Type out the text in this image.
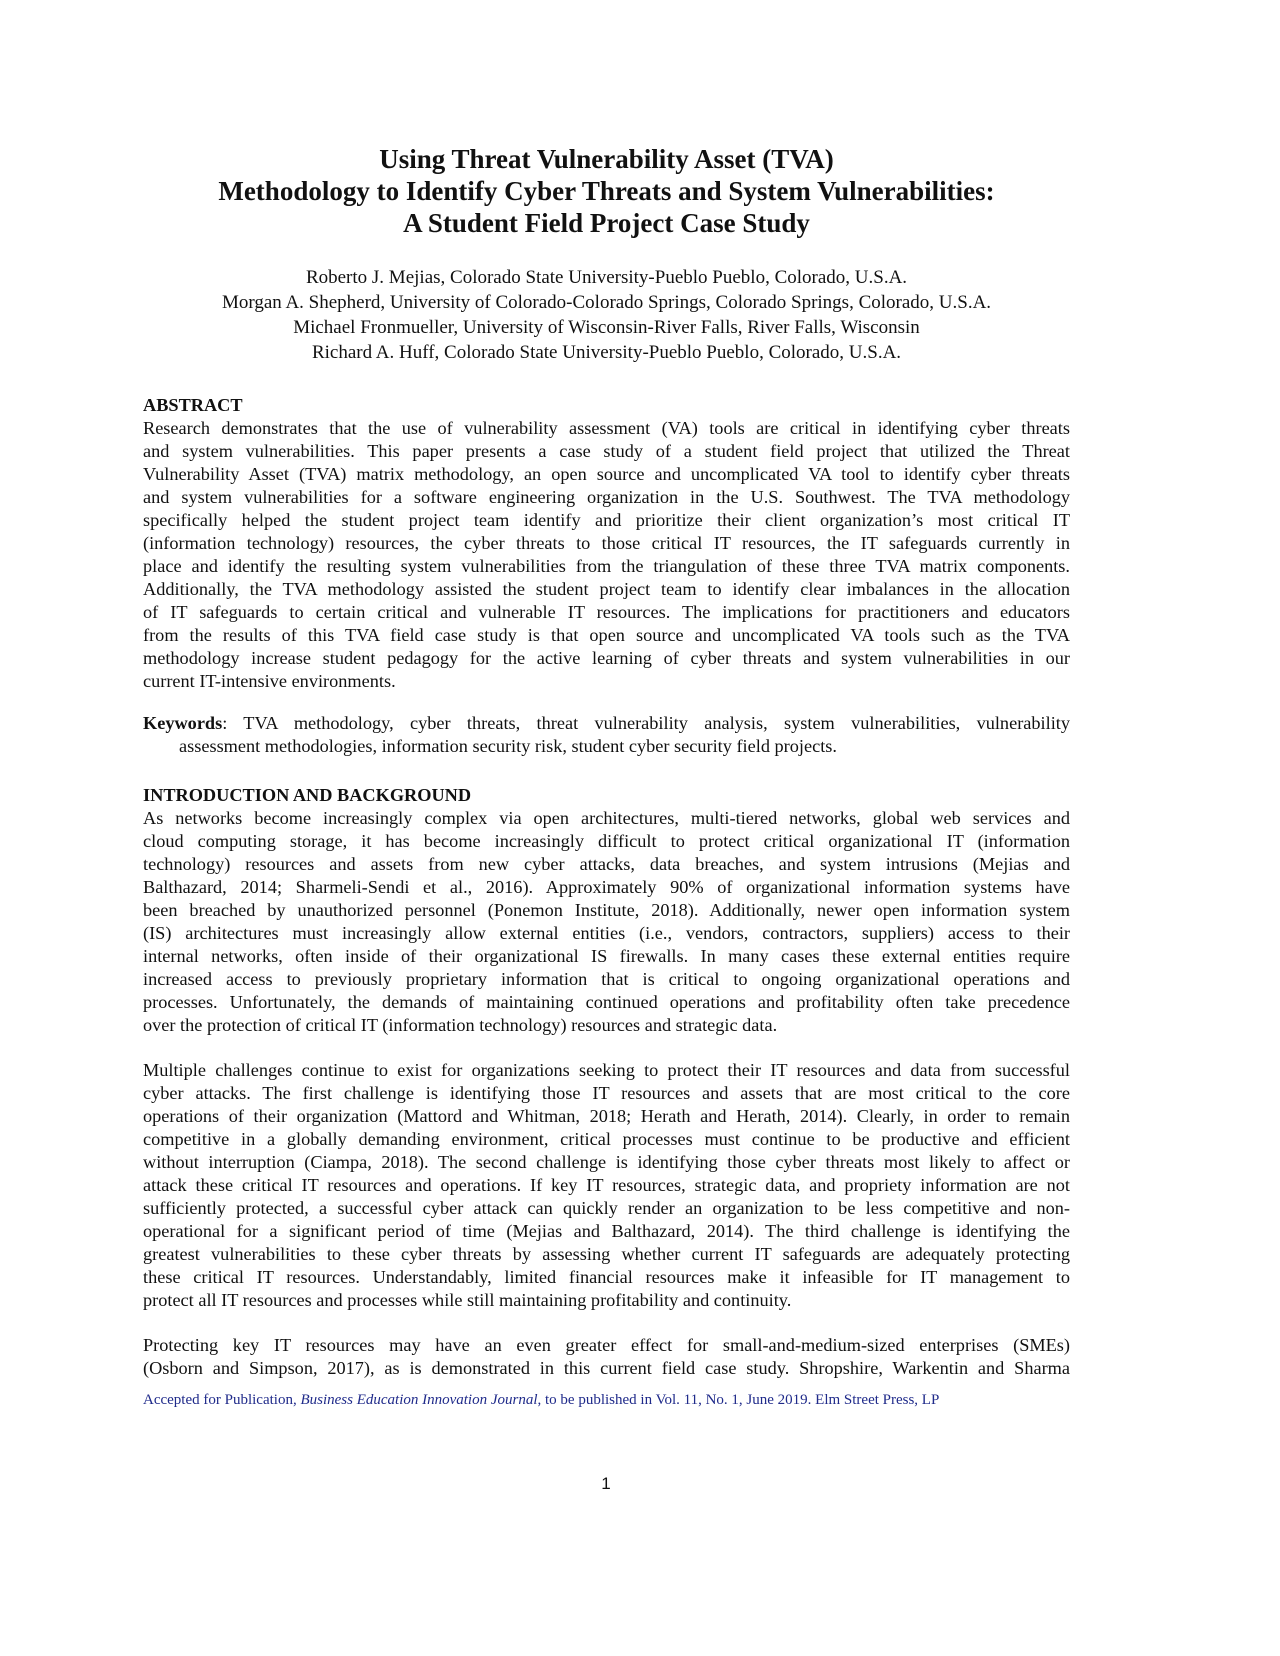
Using Threat Vulnerability Asset (TVA)
Methodology to Identify Cyber Threats and System Vulnerabilities:
A Student Field Project Case Study
Roberto J. Mejias, Colorado State University-Pueblo Pueblo, Colorado, U.S.A.
Morgan A. Shepherd, University of Colorado-Colorado Springs, Colorado Springs, Colorado, U.S.A.
Michael Fronmueller, University of Wisconsin-River Falls, River Falls, Wisconsin
Richard A. Huff, Colorado State University-Pueblo Pueblo, Colorado, U.S.A.
ABSTRACT
Research demonstrates that the use of vulnerability assessment (VA) tools are critical in identifying cyber threats
and system vulnerabilities. This paper presents a case study of a student field project that utilized the Threat
Vulnerability Asset (TVA) matrix methodology, an open source and uncomplicated VA tool to identify cyber threats
and system vulnerabilities for a software engineering organization in the U.S. Southwest. The TVA methodology
specifically helped the student project team identify and prioritize their client organization’s most critical IT
(information technology) resources, the cyber threats to those critical IT resources, the IT safeguards currently in
place and identify the resulting system vulnerabilities from the triangulation of these three TVA matrix components.
Additionally, the TVA methodology assisted the student project team to identify clear imbalances in the allocation
of IT safeguards to certain critical and vulnerable IT resources. The implications for practitioners and educators
from the results of this TVA field case study is that open source and uncomplicated VA tools such as the TVA
methodology increase student pedagogy for the active learning of cyber threats and system vulnerabilities in our
current IT-intensive environments.
Keywords: TVA methodology, cyber threats, threat vulnerability analysis, system vulnerabilities, vulnerability
assessment methodologies, information security risk, student cyber security field projects.
INTRODUCTION AND BACKGROUND
As networks become increasingly complex via open architectures, multi-tiered networks, global web services and
cloud computing storage, it has become increasingly difficult to protect critical organizational IT (information
technology) resources and assets from new cyber attacks, data breaches, and system intrusions (Mejias and
Balthazard, 2014; Sharmeli-Sendi et al., 2016). Approximately 90% of organizational information systems have
been breached by unauthorized personnel (Ponemon Institute, 2018). Additionally, newer open information system
(IS) architectures must increasingly allow external entities (i.e., vendors, contractors, suppliers) access to their
internal networks, often inside of their organizational IS firewalls. In many cases these external entities require
increased access to previously proprietary information that is critical to ongoing organizational operations and
processes. Unfortunately, the demands of maintaining continued operations and profitability often take precedence
over the protection of critical IT (information technology) resources and strategic data.
Multiple challenges continue to exist for organizations seeking to protect their IT resources and data from successful
cyber attacks. The first challenge is identifying those IT resources and assets that are most critical to the core
operations of their organization (Mattord and Whitman, 2018; Herath and Herath, 2014). Clearly, in order to remain
competitive in a globally demanding environment, critical processes must continue to be productive and efficient
without interruption (Ciampa, 2018). The second challenge is identifying those cyber threats most likely to affect or
attack these critical IT resources and operations. If key IT resources, strategic data, and propriety information are not
sufficiently protected, a successful cyber attack can quickly render an organization to be less competitive and non-
operational for a significant period of time (Mejias and Balthazard, 2014). The third challenge is identifying the
greatest vulnerabilities to these cyber threats by assessing whether current IT safeguards are adequately protecting
these critical IT resources. Understandably, limited financial resources make it infeasible for IT management to
protect all IT resources and processes while still maintaining profitability and continuity.
Protecting key IT resources may have an even greater effect for small-and-medium-sized enterprises (SMEs)
(Osborn and Simpson, 2017), as is demonstrated in this current field case study. Shropshire, Warkentin and Sharma
Accepted for Publication, Business Education Innovation Journal, to be published in Vol. 11, No. 1, June 2019. Elm Street Press, LP
1
